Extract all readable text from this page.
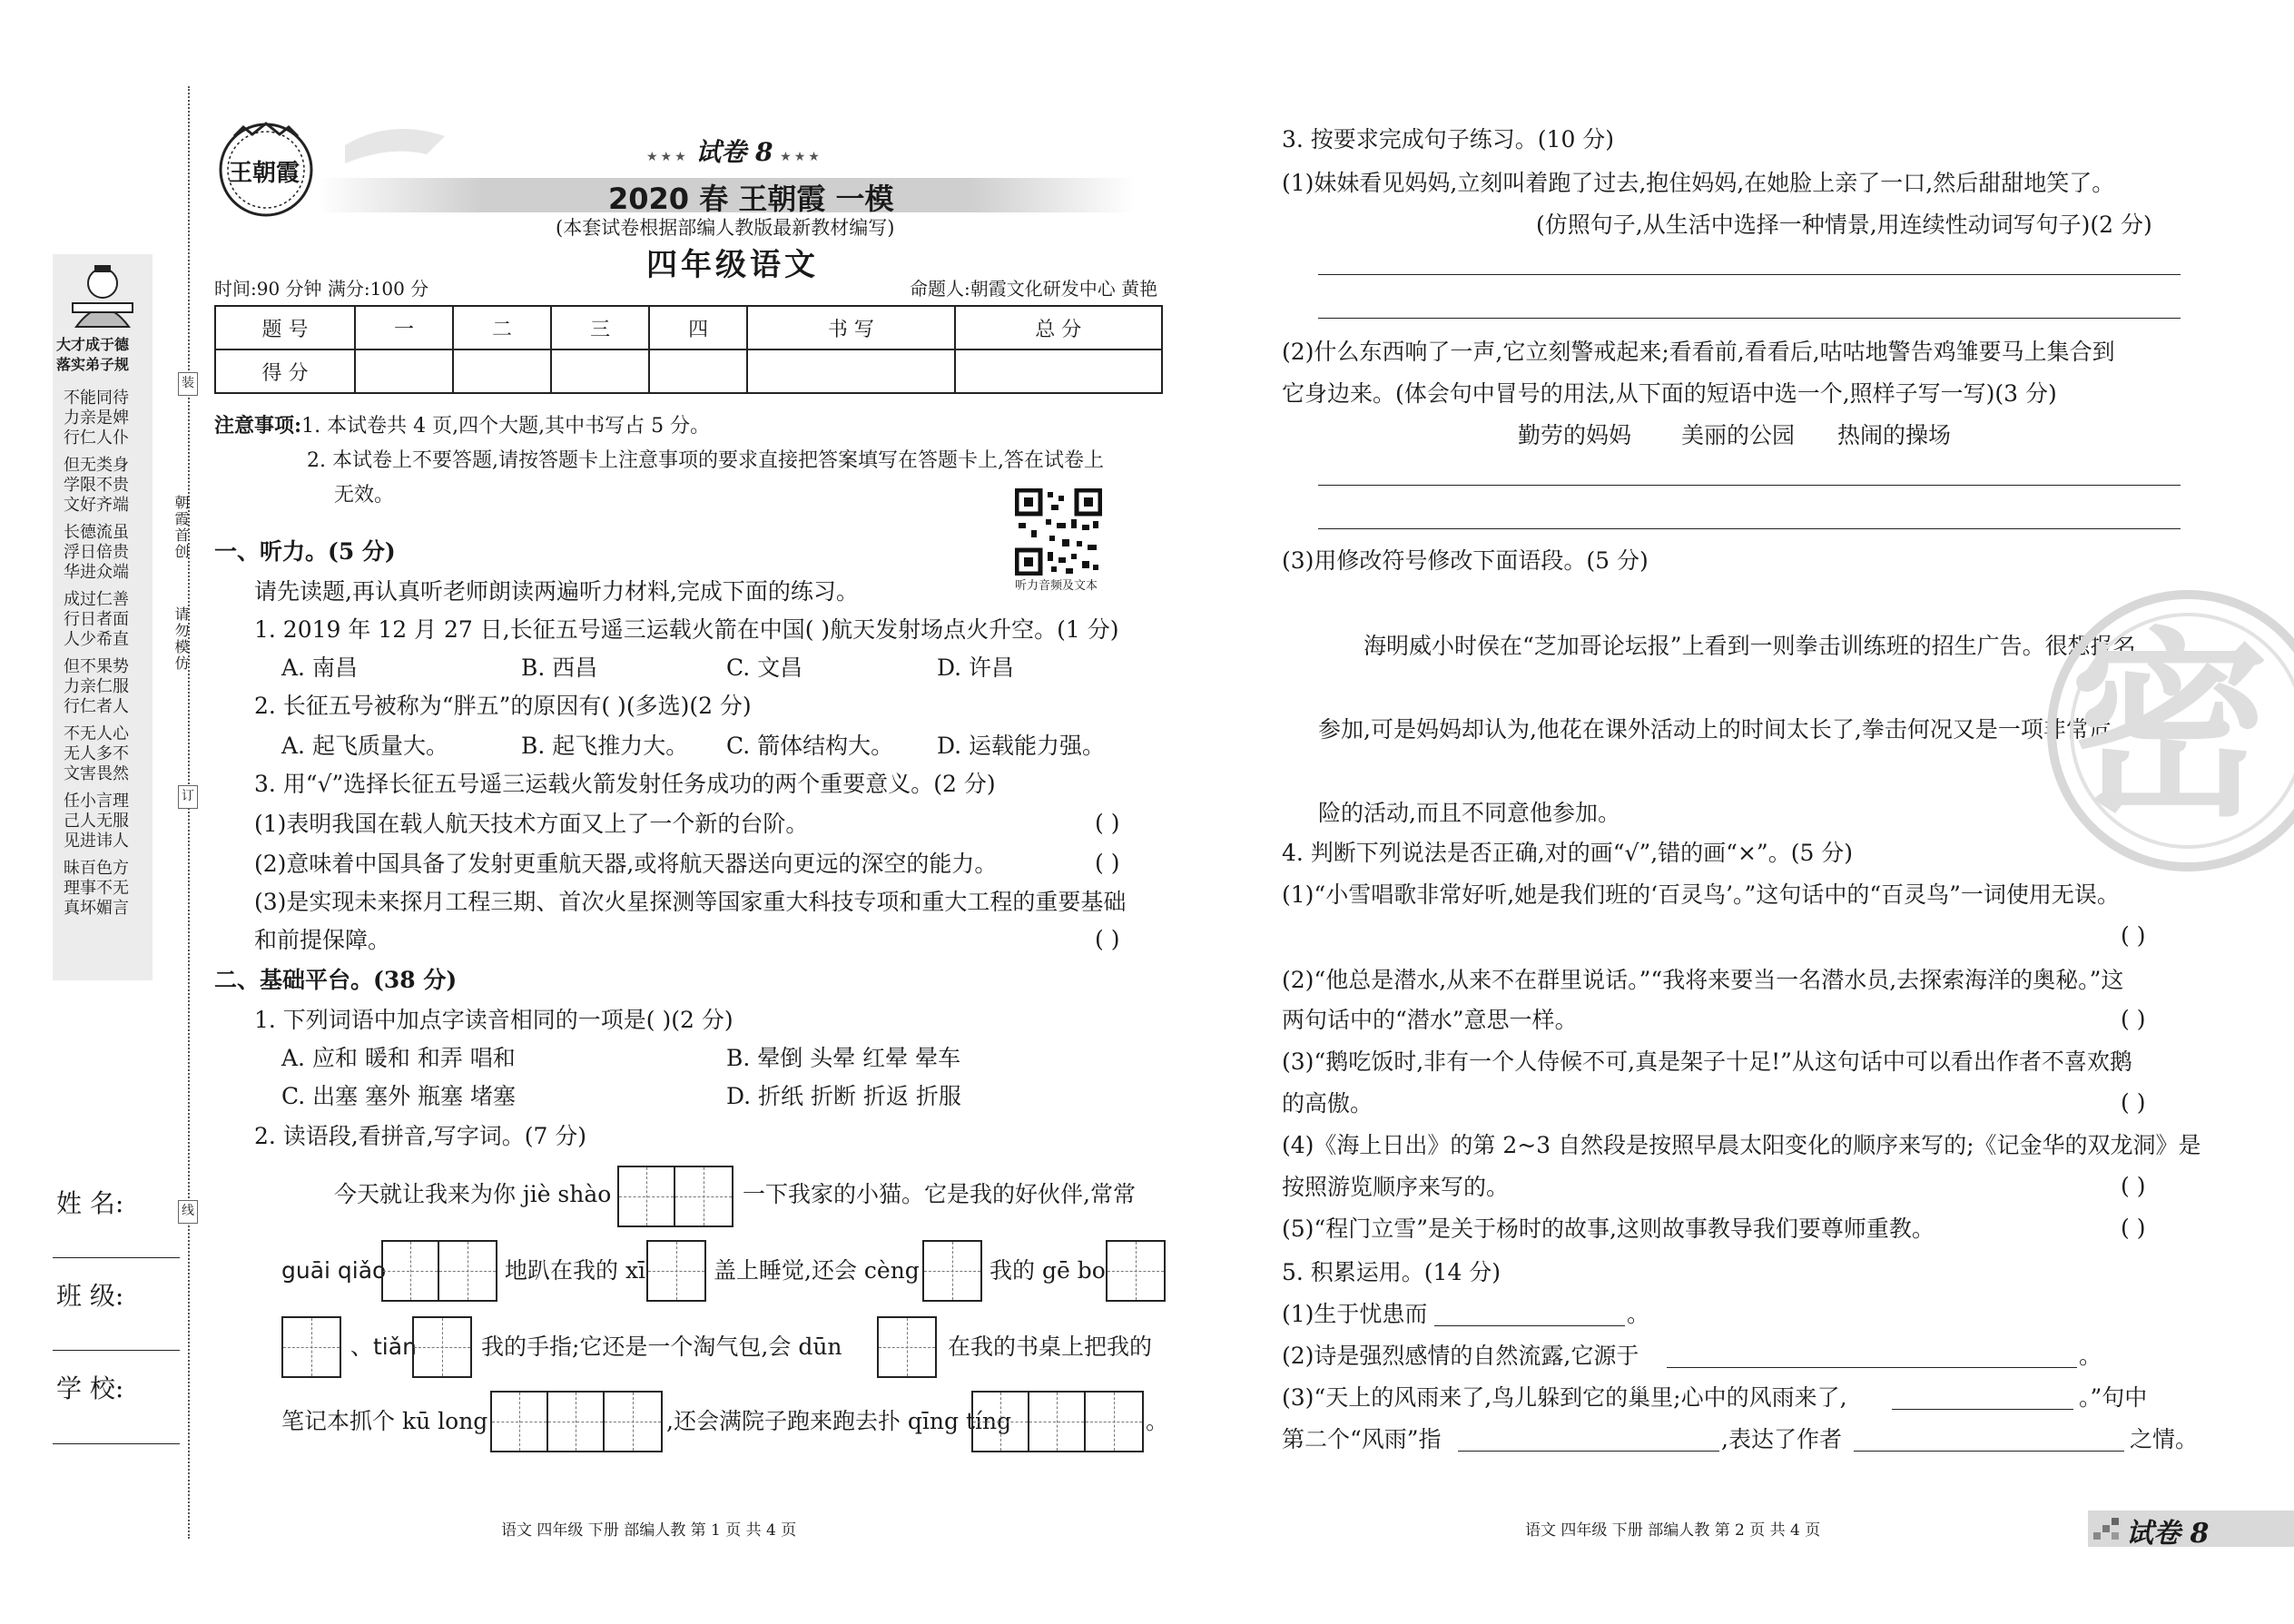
大才成于德
落实弟子规
不能同待
力亲是婢
行仁人仆
但无类身
学限不贵
文好齐端
长德流虽
浮日倍贵
华进众端
成过仁善
行日者面
人少希直
但不果势
力亲仁服
行仁者人
不无人心
无人多不
文害畏然
任小言理
己人无服
见进讳人
昧百色方
理事不无
真坏媚言
装
订
线
朝霞首创
请勿模仿
姓 名:
班 级:
学 校:
王朝霞
★★★ 试卷 8 ★★★
2020 春 王朝霞 一模
(本套试卷根据部编人教版最新教材编写)
四年级语文
时间:90 分钟 满分:100 分	命题人:朝霞文化研发中心 黄艳
题 号	一	二	三	四	书 写	总 分
得 分						
注意事项:1. 本试卷共 4 页,四个大题,其中书写占 5 分。
2. 本试卷上不要答题,请按答题卡上注意事项的要求直接把答案填写在答题卡上,答在试卷上
无效。
听力音频及文本
一、听力。(5 分)
请先读题,再认真听老师朗读两遍听力材料,完成下面的练习。
1. 2019 年 12 月 27 日,长征五号遥三运载火箭在中国( )航天发射场点火升空。(1 分)
A. 南昌	B. 西昌	C. 文昌	D. 许昌
2. 长征五号被称为“胖五”的原因有( )(多选)(2 分)
A. 起飞质量大。	B. 起飞推力大。 C. 箭体结构大。 D. 运载能力强。
3. 用“√”选择长征五号遥三运载火箭发射任务成功的两个重要意义。(2 分)
(1)表明我国在载人航天技术方面又上了一个新的台阶。	( )
(2)意味着中国具备了发射更重航天器,或将航天器送向更远的深空的能力。	( )
(3)是实现未来探月工程三期、首次火星探测等国家重大科技专项和重大工程的重要基础
和前提保障。	( )
二、基础平台。(38 分)
1. 下列词语中加点字读音相同的一项是( )(2 分)
A. 应和 暖和 和弄 唱和	B. 晕倒 头晕 红晕 晕车
C. 出塞 塞外 瓶塞 堵塞	D. 折纸 折断 折返 折服
2. 读语段,看拼音,写字词。(7 分)
今天就让我来为你 jiè shào	一下我家的小猫。它是我的好伙伴,常常
guāi qiǎo	地趴在我的 xī	盖上睡觉,还会 cèng	我的 gē bo
、tiǎn	我的手指;它还是一个淘气包,会 dūn	在我的书桌上把我的
笔记本抓个 kū long	,还会满院子跑来跑去扑 qīng tíng	。
3. 按要求完成句子练习。(10 分)
(1)妹妹看见妈妈,立刻叫着跑了过去,抱住妈妈,在她脸上亲了一口,然后甜甜地笑了。
(仿照句子,从生活中选择一种情景,用连续性动词写句子)(2 分)
(2)什么东西响了一声,它立刻警戒起来;看看前,看看后,咕咕地警告鸡雏要马上集合到
它身边来。(体会句中冒号的用法,从下面的短语中选一个,照样子写一写)(3 分)
勤劳的妈妈 美丽的公园 热闹的操场
(3)用修改符号修改下面语段。(5 分)
海明威小时侯在“芝加哥论坛报”上看到一则拳击训练班的招生广告。很想报名
参加,可是妈妈却认为,他花在课外活动上的时间太长了,拳击何况又是一项非常危
险的活动,而且不同意他参加。 密
4. 判断下列说法是否正确,对的画“√”,错的画“×”。(5 分)
(1)“小雪唱歌非常好听,她是我们班的‘百灵鸟’。”这句话中的“百灵鸟”一词使用无误。
( )
(2)“他总是潜水,从来不在群里说话。”“我将来要当一名潜水员,去探索海洋的奥秘。”这
两句话中的“潜水”意思一样。	( )
(3)“鹅吃饭时,非有一个人侍候不可,真是架子十足!”从这句话中可以看出作者不喜欢鹅
的高傲。	( )
(4)《海上日出》的第 2~3 自然段是按照早晨太阳变化的顺序来写的;《记金华的双龙洞》是
按照游览顺序来写的。	( )
(5)“程门立雪”是关于杨时的故事,这则故事教导我们要尊师重教。	( )
5. 积累运用。(14 分)
(1)生于忧患而	。
(2)诗是强烈感情的自然流露,它源于	。
(3)“天上的风雨来了,鸟儿躲到它的巢里;心中的风雨来了,	。”句中
第二个“风雨”指	,表达了作者	之情。
语文 四年级 下册 部编人教 第 1 页 共 4 页	语文 四年级 下册 部编人教 第 2 页 共 4 页	试卷 8
